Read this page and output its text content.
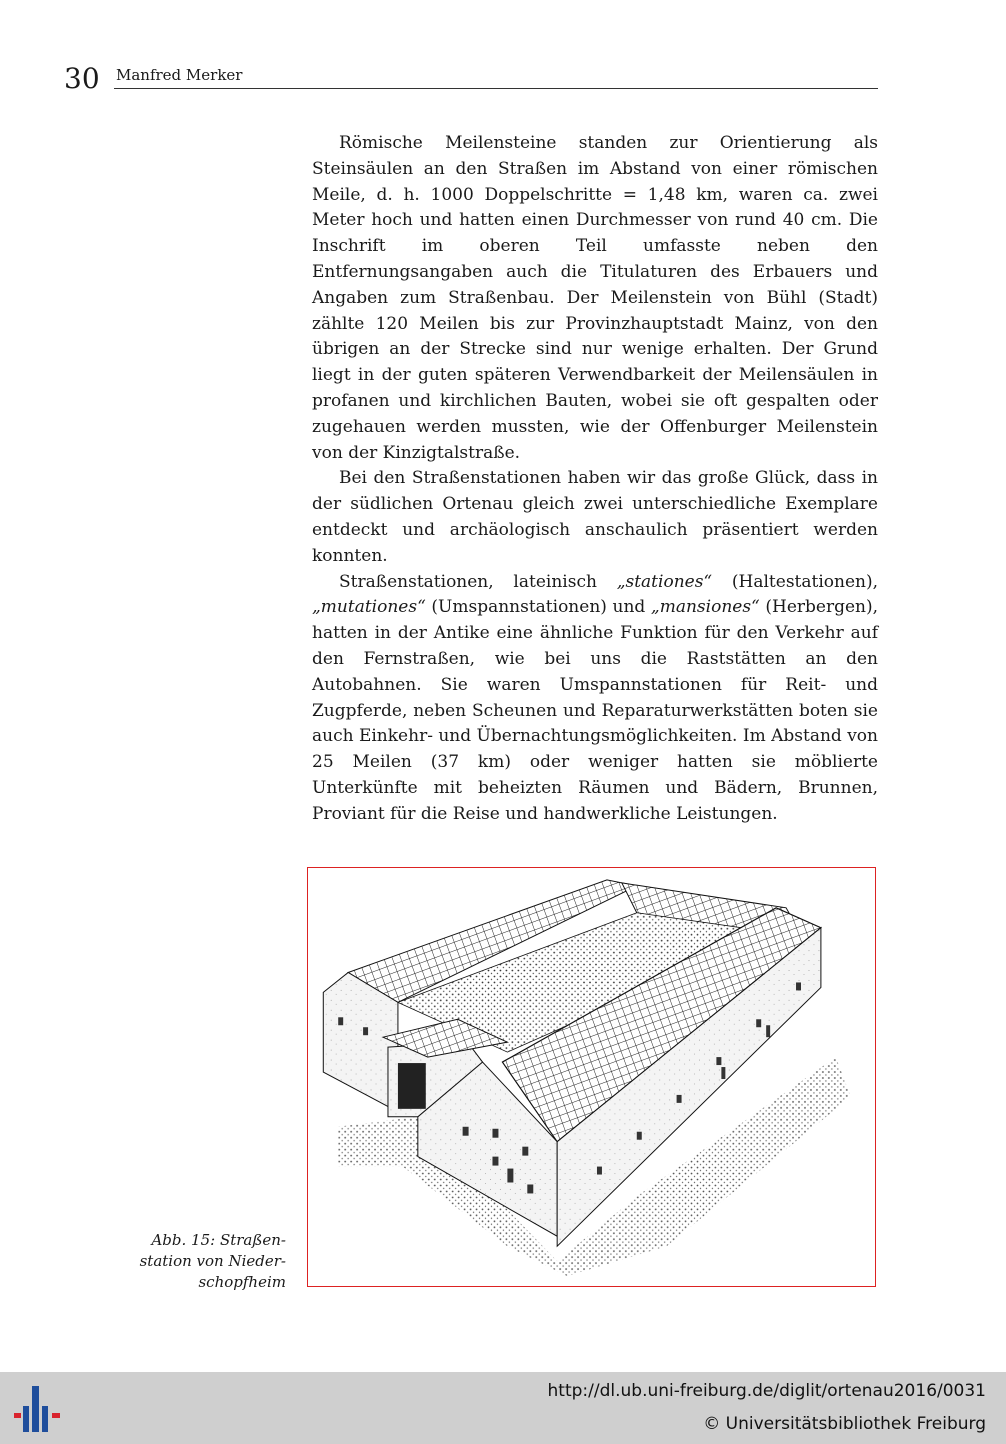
30 Manfred Merker

Römische Meilensteine standen zur Orientierung als Steinsäulen an den Straßen im Abstand von einer römischen Meile, d. h. 1000 Doppelschritte = 1,48 km, waren ca. zwei Meter hoch und hatten einen Durchmesser von rund 40 cm. Die Inschrift im oberen Teil umfasste neben den Entfernungsangaben auch die Titulaturen des Erbauers und Angaben zum Straßenbau. Der Meilenstein von Bühl (Stadt) zählte 120 Meilen bis zur Provinzhauptstadt Mainz, von den übrigen an der Strecke sind nur wenige erhalten. Der Grund liegt in der guten späteren Verwendbarkeit der Meilensäulen in profanen und kirchlichen Bauten, wobei sie oft gespalten oder zugehauen werden mussten, wie der Offenburger Meilenstein von der Kinzigtalstraße.

Bei den Straßenstationen haben wir das große Glück, dass in der südlichen Ortenau gleich zwei unterschiedliche Exemplare entdeckt und archäologisch anschaulich präsentiert werden konnten.

Straßenstationen, lateinisch „stationes“ (Haltestationen), „mutationes“ (Umspannstationen) und „mansiones“ (Herbergen), hatten in der Antike eine ähnliche Funktion für den Verkehr auf den Fernstraßen, wie bei uns die Raststätten an den Autobahnen. Sie waren Umspannstationen für Reit- und Zugpferde, neben Scheunen und Reparaturwerkstätten boten sie auch Einkehr- und Übernachtungsmöglichkeiten. Im Abstand von 25 Meilen (37 km) oder weniger hatten sie möblierte Unterkünfte mit beheizten Räumen und Bädern, Brunnen, Proviant für die Reise und handwerkliche Leistungen.

Abb. 15: Straßen-
station von Nieder-
schopfheim
http://dl.ub.uni-freiburg.de/diglit/ortenau2016/0031
© Universitätsbibliothek Freiburg
